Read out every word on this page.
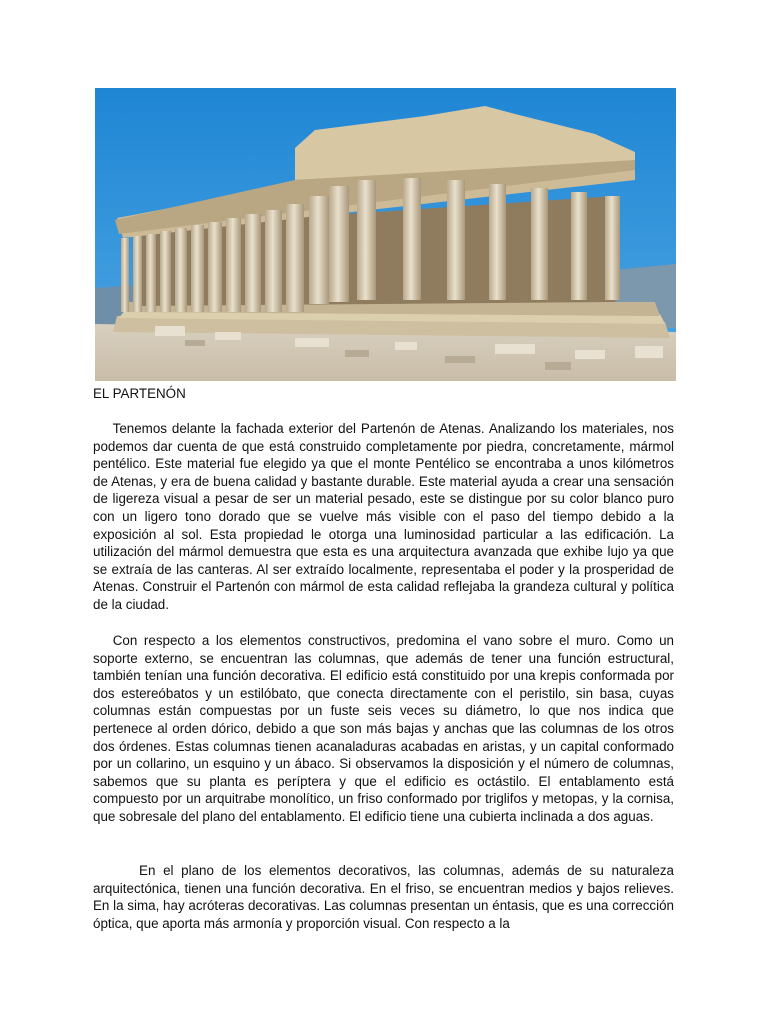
EL PARTENÓN

Tenemos delante la fachada exterior del Partenón de Atenas. Analizando los materiales, nos podemos dar cuenta de que está construido completamente por piedra, concretamente, mármol pentélico. Este material fue elegido ya que el monte Pentélico se encontraba a unos kilómetros de Atenas, y era de buena calidad y bastante durable. Este material ayuda a crear una sensación de ligereza visual a pesar de ser un material pesado, este se distingue por su color blanco puro con un ligero tono dorado que se vuelve más visible con el paso del tiempo debido a la exposición al sol. Esta propiedad le otorga una luminosidad particular a las edificación. La utilización del mármol demuestra que esta es una arquitectura avanzada que exhibe lujo ya que se extraía de las canteras. Al ser extraído localmente, representaba el poder y la prosperidad de Atenas. Construir el Partenón con mármol de esta calidad reflejaba la grandeza cultural y política de la ciudad.

Con respecto a los elementos constructivos, predomina el vano sobre el muro. Como un soporte externo, se encuentran las columnas, que además de tener una función estructural, también tenían una función decorativa. El edificio está constituido por una krepis conformada por dos estereóbatos y un estilóbato, que conecta directamente con el peristilo, sin basa, cuyas columnas están compuestas por un fuste seis veces su diámetro, lo que nos indica que pertenece al orden dórico, debido a que son más bajas y anchas que las columnas de los otros dos órdenes. Estas columnas tienen acanaladuras acabadas en aristas, y un capital conformado por un collarino, un esquino y un ábaco. Si observamos la disposición y el número de columnas, sabemos que su planta es períptera y que el edificio es octástilo. El entablamento está compuesto por un arquitrabe monolítico, un friso conformado por triglifos y metopas, y la cornisa, que sobresale del plano del entablamento. El edificio tiene una cubierta inclinada a dos aguas.

En el plano de los elementos decorativos, las columnas, además de su naturaleza arquitectónica, tienen una función decorativa. En el friso, se encuentran medios y bajos relieves. En la sima, hay acróteras decorativas. Las columnas presentan un éntasis, que es una corrección óptica, que aporta más armonía y proporción visual. Con respecto a la
